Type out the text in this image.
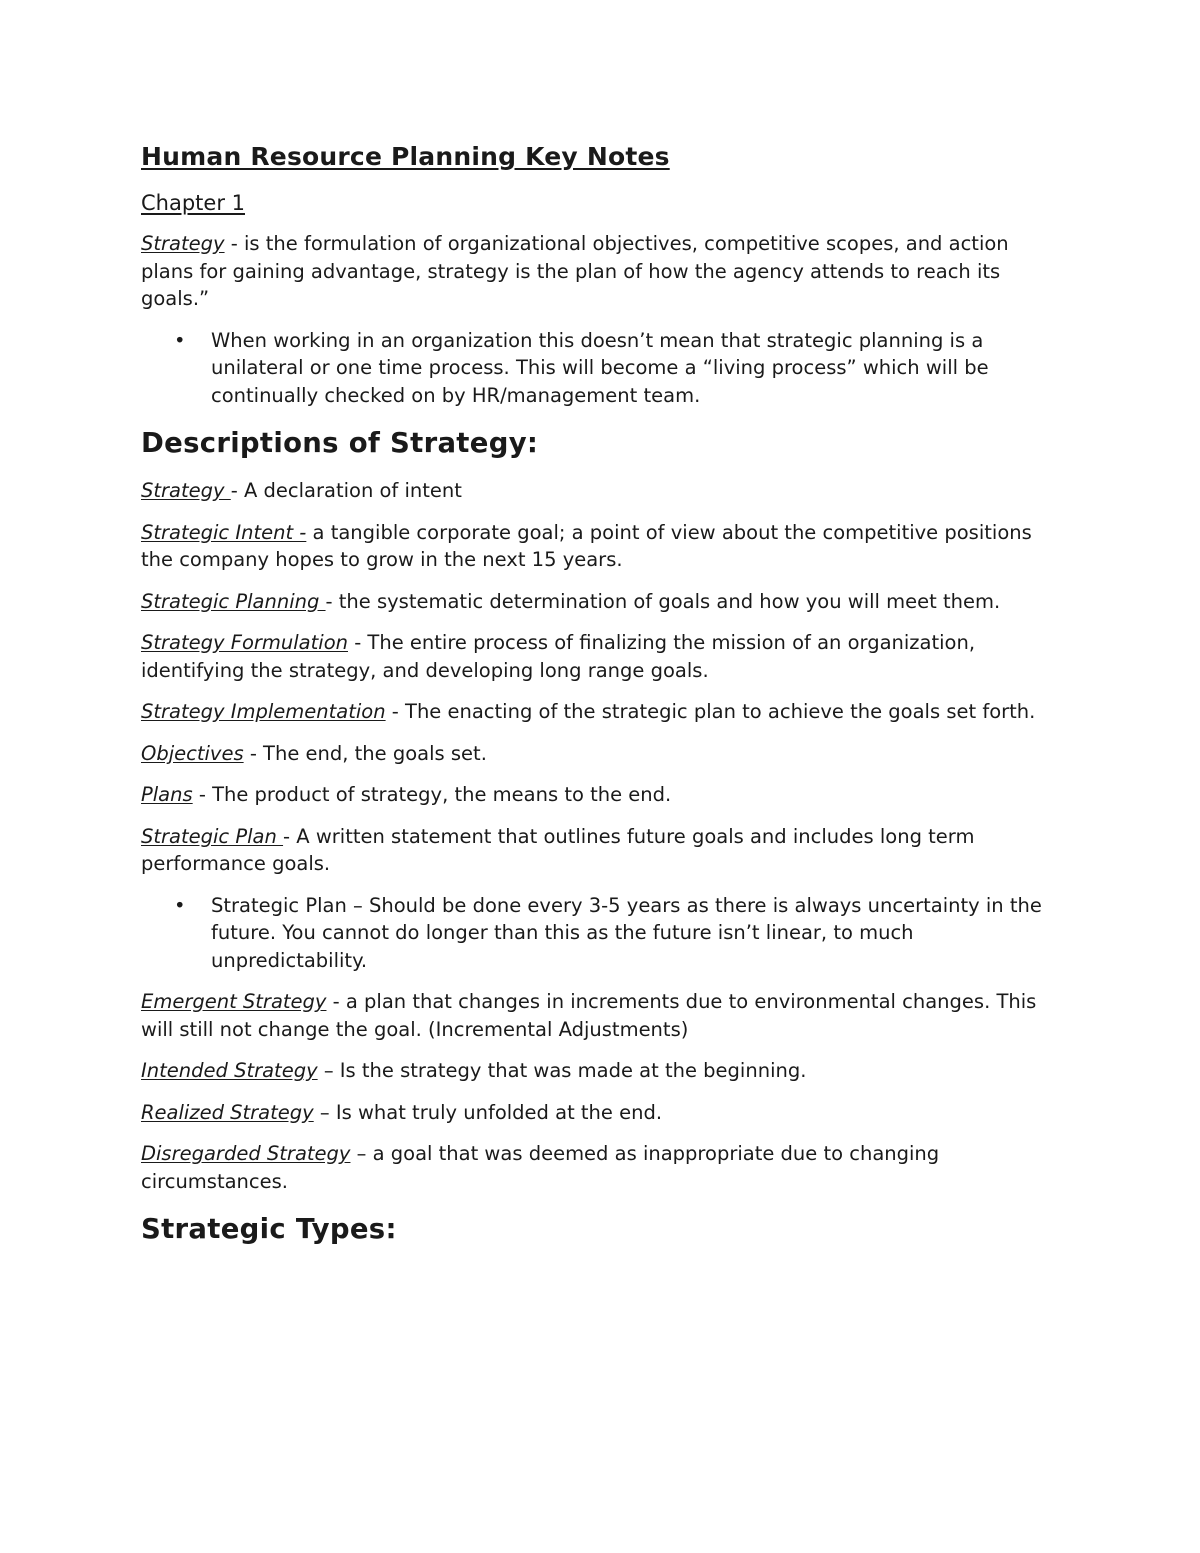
Human Resource Planning Key Notes
Chapter 1

Strategy - is the formulation of organizational objectives, competitive scopes, and action plans for gaining advantage, strategy is the plan of how the agency attends to reach its goals.”

• When working in an organization this doesn’t mean that strategic planning is a unilateral or one time process. This will become a “living process” which will be continually checked on by HR/management team.
Descriptions of Strategy:

Strategy - A declaration of intent

Strategic Intent - a tangible corporate goal; a point of view about the competitive positions the company hopes to grow in the next 15 years.

Strategic Planning - the systematic determination of goals and how you will meet them.

Strategy Formulation - The entire process of finalizing the mission of an organization, identifying the strategy, and developing long range goals.

Strategy Implementation - The enacting of the strategic plan to achieve the goals set forth.

Objectives - The end, the goals set.

Plans - The product of strategy, the means to the end.

Strategic Plan - A written statement that outlines future goals and includes long term performance goals.

• Strategic Plan – Should be done every 3-5 years as there is always uncertainty in the future. You cannot do longer than this as the future isn’t linear, to much unpredictability.

Emergent Strategy - a plan that changes in increments due to environmental changes. This will still not change the goal. (Incremental Adjustments)

Intended Strategy – Is the strategy that was made at the beginning.

Realized Strategy – Is what truly unfolded at the end.

Disregarded Strategy – a goal that was deemed as inappropriate due to changing circumstances.

Strategic Types:
